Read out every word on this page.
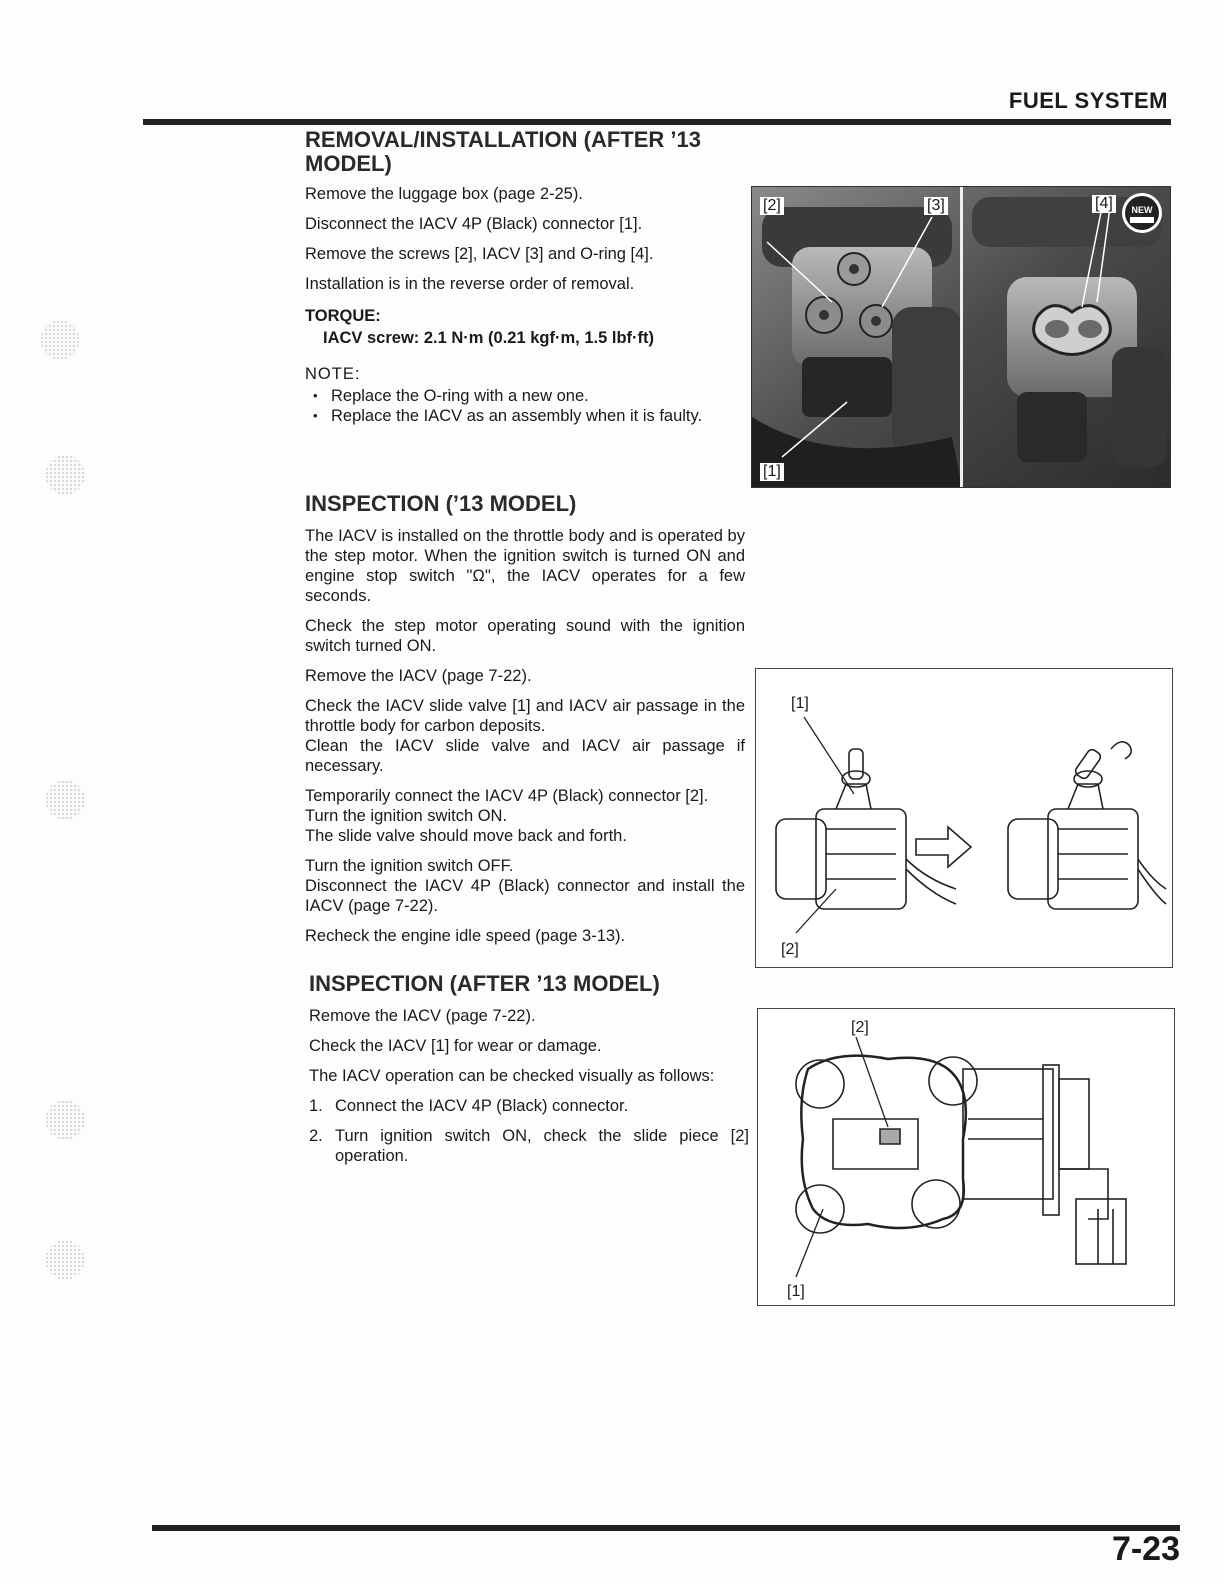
FUEL SYSTEM
REMOVAL/INSTALLATION (AFTER ’13
MODEL)

Remove the luggage box (page 2-25).

Disconnect the IACV 4P (Black) connector [1].

Remove the screws [2], IACV [3] and O-ring [4].

Installation is in the reverse order of removal.

TORQUE:
IACV screw: 2.1 N·m (0.21 kgf·m, 1.5 lbf·ft)
NOTE:
• Replace the O-ring with a new one.
• Replace the IACV as an assembly when it is faulty.
[2]	[3]	[4]
[1]
NEW
INSPECTION (’13 MODEL)

The IACV is installed on the throttle body and is operated by the step motor. When the ignition switch is turned ON and engine stop switch "Ω", the IACV operates for a few seconds.

Check the step motor operating sound with the ignition switch turned ON.

Remove the IACV (page 7-22).

Check the IACV slide valve [1] and IACV air passage in the throttle body for carbon deposits.
Clean the IACV slide valve and IACV air passage if necessary.

Temporarily connect the IACV 4P (Black) connector [2].
Turn the ignition switch ON.
The slide valve should move back and forth.

Turn the ignition switch OFF.
Disconnect the IACV 4P (Black) connector and install the IACV (page 7-22).

Recheck the engine idle speed (page 3-13).

[1]
[2]
INSPECTION (AFTER ’13 MODEL)

Remove the IACV (page 7-22).

Check the IACV [1] for wear or damage.

The IACV operation can be checked visually as follows:

1. Connect the IACV 4P (Black) connector.
2. Turn ignition switch ON, check the slide piece [2] operation.
[2]
[1]
7-23
